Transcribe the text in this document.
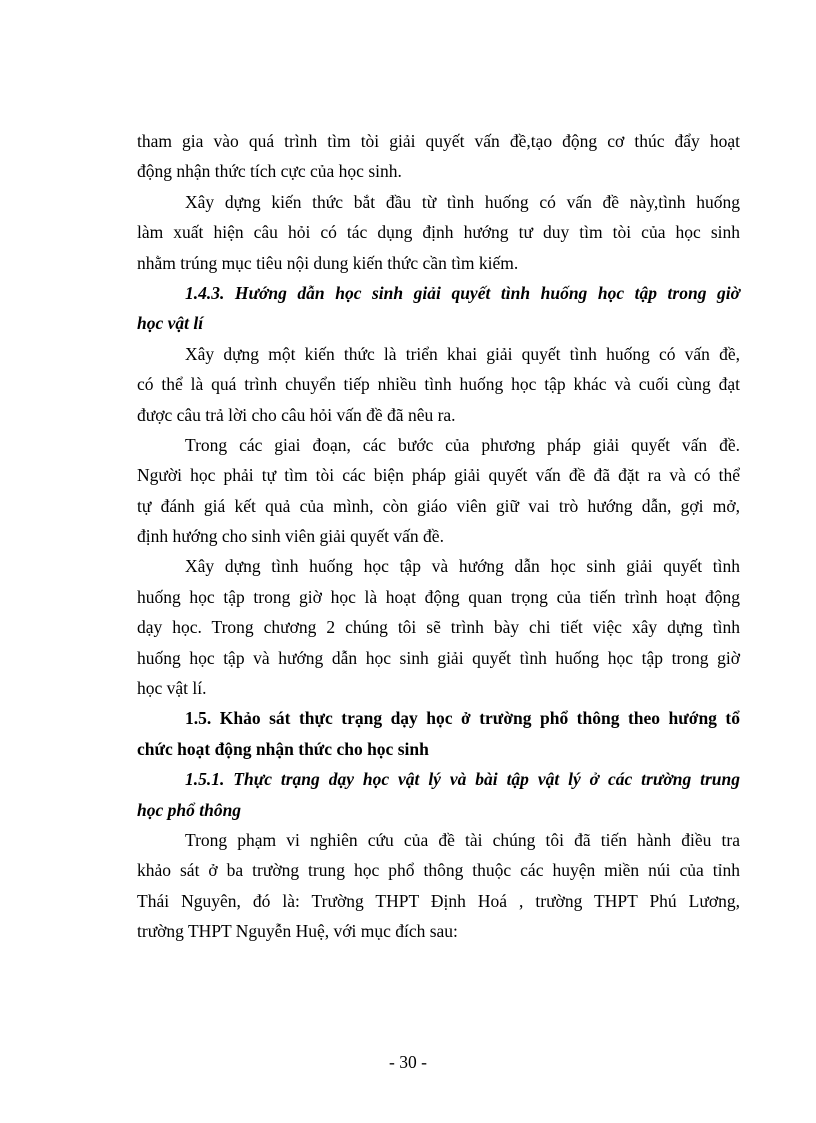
tham gia vào quá trình tìm tòi giải quyết vấn đề,tạo động cơ thúc đẩy hoạt
động nhận thức tích cực của học sinh.
Xây dựng kiến thức bắt đầu từ tình huống có vấn đề này,tình huống
làm xuất hiện câu hỏi có tác dụng định hướng tư duy tìm tòi của học sinh
nhằm trúng mục tiêu nội dung kiến thức cần tìm kiếm.
1.4.3. Hướng dẫn học sinh giải quyết tình huống học tập trong giờ
học vật lí
Xây dựng một kiến thức là triển khai giải quyết tình huống có vấn đề,
có thể là quá trình chuyển tiếp nhiều tình huống học tập khác và cuối cùng đạt
được câu trả lời cho câu hỏi vấn đề đã nêu ra.
Trong các giai đoạn, các bước của phương pháp giải quyết vấn đề.
Người học phải tự tìm tòi các biện pháp giải quyết vấn đề đã đặt ra và có thể
tự đánh giá kết quả của mình, còn giáo viên giữ vai trò hướng dẫn, gợi mở,
định hướng cho sinh viên giải quyết vấn đề.
Xây dựng tình huống học tập và hướng dẫn học sinh giải quyết tình
huống học tập trong giờ học là hoạt động quan trọng của tiến trình hoạt động
dạy học. Trong chương 2 chúng tôi sẽ trình bày chi tiết việc xây dựng tình
huống học tập và hướng dẫn học sinh giải quyết tình huống học tập trong giờ
học vật lí.
1.5. Khảo sát thực trạng dạy học ở trường phổ thông theo hướng tổ
chức hoạt động nhận thức cho học sinh
1.5.1. Thực trạng dạy học vật lý và bài tập vật lý ở các trường trung
học phổ thông
Trong phạm vi nghiên cứu của đề tài chúng tôi đã tiến hành điều tra
khảo sát ở ba trường trung học phổ thông thuộc các huyện miền núi của tỉnh
Thái Nguyên, đó là: Trường THPT Định Hoá , trường THPT Phú Lương,
trường THPT Nguyễn Huệ, với mục đích sau:
- 30 -
